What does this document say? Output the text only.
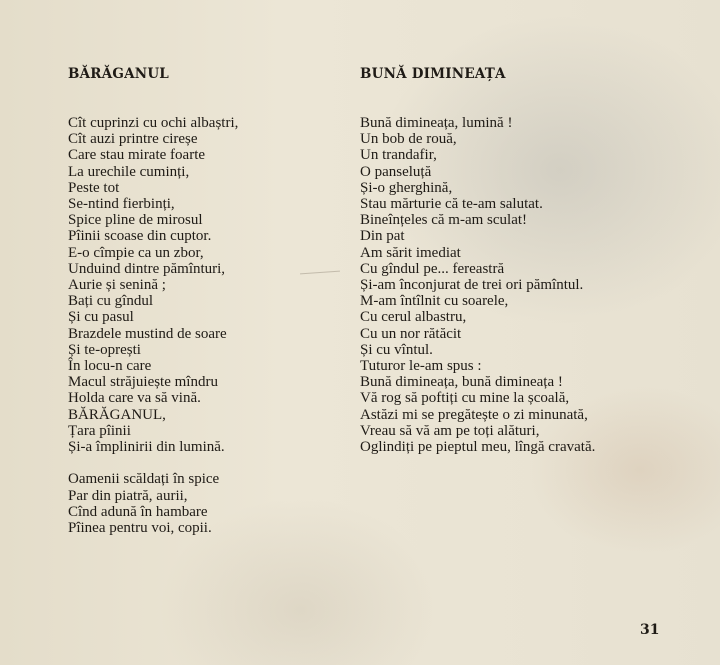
BĂRĂGANUL
Cît cuprinzi cu ochi albaștri,
Cît auzi printre cireșe
Care stau mirate foarte
La urechile cuminți,
Peste tot
Se-ntind fierbinți,
Spice pline de mirosul
Pîinii scoase din cuptor.
E-o cîmpie ca un zbor,
Unduind dintre pămînturi,
Aurie și senină ;
Bați cu gîndul
Și cu pasul
Brazdele mustind de soare
Și te-oprești
În locu-n care
Macul străjuiește mîndru
Holda care va să vină.
BĂRĂGANUL,
Țara pîinii
Și-a împlinirii din lumină.
Oamenii scăldați în spice
Par din piatră, aurii,
Cînd adună în hambare
Pîinea pentru voi, copii.
BUNĂ DIMINEAȚA
Bună dimineața, lumină !
Un bob de rouă,
Un trandafir,
O panseluță
Și-o gherghină,
Stau mărturie că te-am salutat.
Bineînțeles că m-am sculat!
Din pat
Am sărit imediat
Cu gîndul pe... fereastră
Și-am înconjurat de trei ori pămîntul.
M-am întîlnit cu soarele,
Cu cerul albastru,
Cu un nor rătăcit
Și cu vîntul.
Tuturor le-am spus :
Bună dimineața, bună dimineața !
Vă rog să poftiți cu mine la școală,
Astăzi mi se pregătește o zi minunată,
Vreau să vă am pe toți alături,
Oglindiți pe pieptul meu, lîngă cravată.
31
